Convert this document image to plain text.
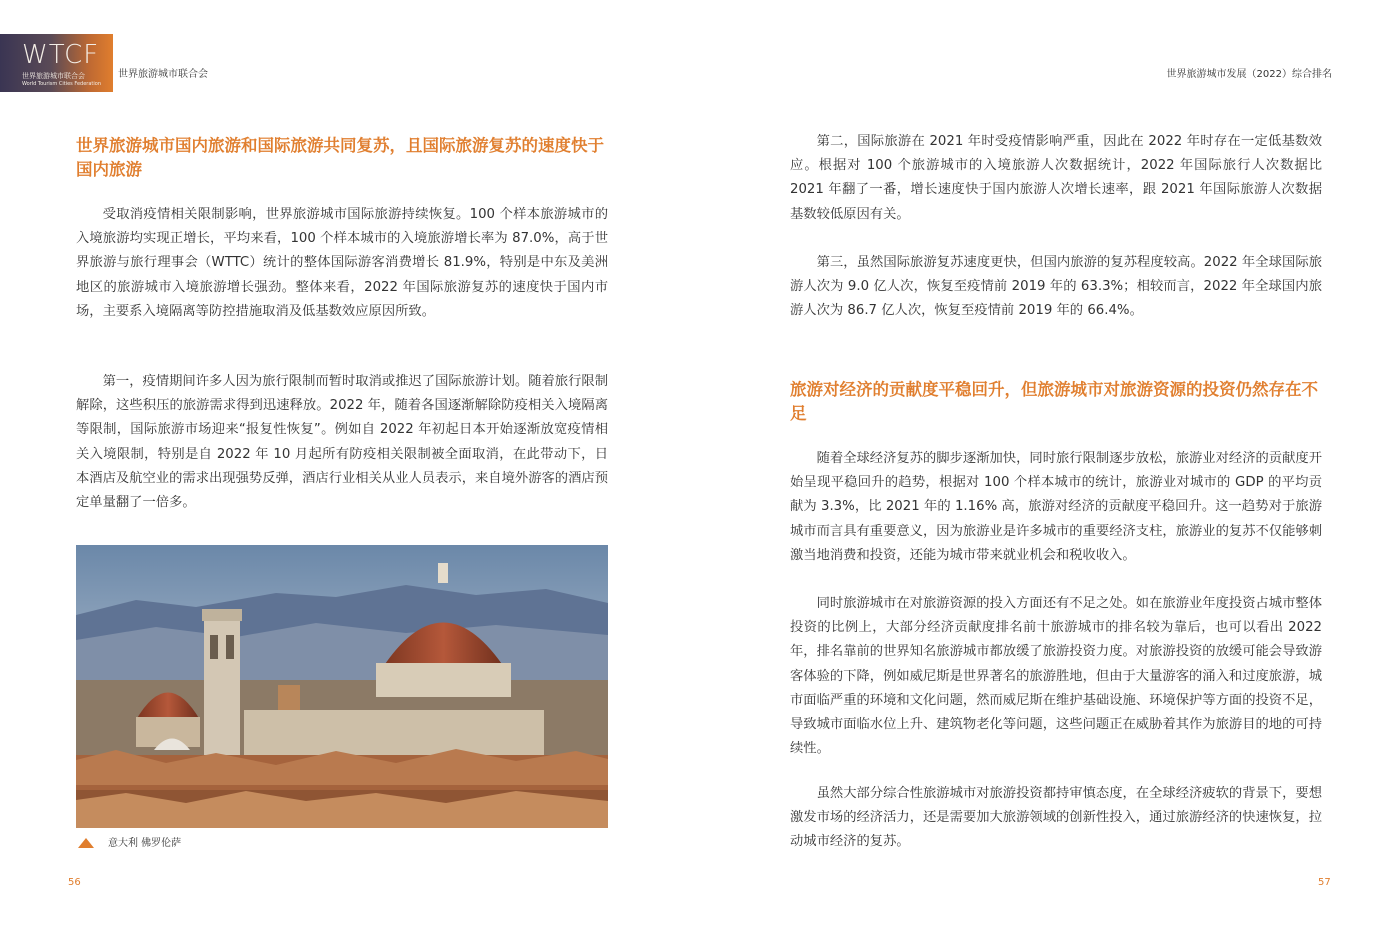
WTCF
世界旅游城市联合会
World Tourism Cities Federation
世界旅游城市联合会	世界旅游城市发展（2022）综合排名
世界旅游城市国内旅游和国际旅游共同复苏，且国际旅游复苏的速度快于国内旅游

受取消疫情相关限制影响，世界旅游城市国际旅游持续恢复。100 个样本旅游城市的入境旅游均实现正增长，平均来看，100 个样本城市的入境旅游增长率为 87.0%，高于世界旅游与旅行理事会（WTTC）统计的整体国际游客消费增长 81.9%，特别是中东及美洲地区的旅游城市入境旅游增长强劲。整体来看，2022 年国际旅游复苏的速度快于国内市场，主要系入境隔离等防控措施取消及低基数效应原因所致。

第一，疫情期间许多人因为旅行限制而暂时取消或推迟了国际旅游计划。随着旅行限制解除，这些积压的旅游需求得到迅速释放。2022 年，随着各国逐渐解除防疫相关入境隔离等限制，国际旅游市场迎来“报复性恢复”。例如自 2022 年初起日本开始逐渐放宽疫情相关入境限制，特别是自 2022 年 10 月起所有防疫相关限制被全面取消，在此带动下，日本酒店及航空业的需求出现强势反弹，酒店行业相关从业人员表示，来自境外游客的酒店预定单量翻了一倍多。

意大利 佛罗伦萨
56

第二，国际旅游在 2021 年时受疫情影响严重，因此在 2022 年时存在一定低基数效应。根据对 100 个旅游城市的入境旅游人次数据统计，2022 年国际旅行人次数据比 2021 年翻了一番，增长速度快于国内旅游人次增长速率，跟 2021 年国际旅游人次数据基数较低原因有关。

第三，虽然国际旅游复苏速度更快，但国内旅游的复苏程度较高。2022 年全球国际旅游人次为 9.0 亿人次，恢复至疫情前 2019 年的 63.3%；相较而言，2022 年全球国内旅游人次为 86.7 亿人次，恢复至疫情前 2019 年的 66.4%。

旅游对经济的贡献度平稳回升，但旅游城市对旅游资源的投资仍然存在不足

随着全球经济复苏的脚步逐渐加快，同时旅行限制逐步放松，旅游业对经济的贡献度开始呈现平稳回升的趋势，根据对 100 个样本城市的统计，旅游业对城市的 GDP 的平均贡献为 3.3%，比 2021 年的 1.16% 高，旅游对经济的贡献度平稳回升。这一趋势对于旅游城市而言具有重要意义，因为旅游业是许多城市的重要经济支柱，旅游业的复苏不仅能够刺激当地消费和投资，还能为城市带来就业机会和税收收入。

同时旅游城市在对旅游资源的投入方面还有不足之处。如在旅游业年度投资占城市整体投资的比例上，大部分经济贡献度排名前十旅游城市的排名较为靠后，也可以看出 2022 年，排名靠前的世界知名旅游城市都放缓了旅游投资力度。对旅游投资的放缓可能会导致游客体验的下降，例如威尼斯是世界著名的旅游胜地，但由于大量游客的涌入和过度旅游，城市面临严重的环境和文化问题，然而威尼斯在维护基础设施、环境保护等方面的投资不足，导致城市面临水位上升、建筑物老化等问题，这些问题正在威胁着其作为旅游目的地的可持续性。

虽然大部分综合性旅游城市对旅游投资都持审慎态度，在全球经济疲软的背景下，要想激发市场的经济活力，还是需要加大旅游领域的创新性投入，通过旅游经济的快速恢复，拉动城市经济的复苏。

57
